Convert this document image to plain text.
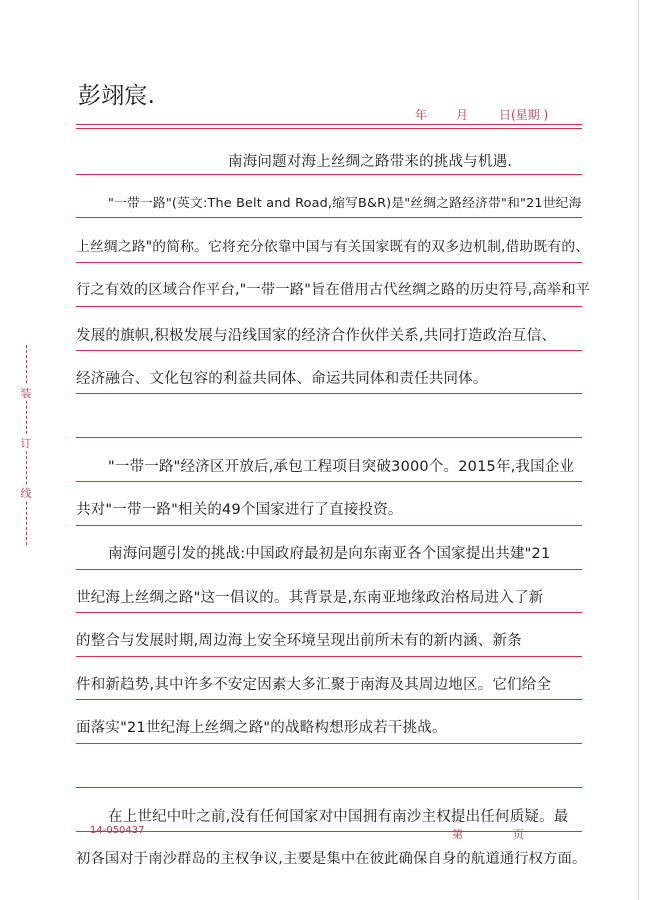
装
订
线
彭翊宸.
年 月	日(星期 )
南海问题对海上丝绸之路带来的挑战与机遇.
"一带一路"(英文:The Belt and Road,缩写B&R)是"丝绸之路经济带"和"21世纪海
上丝绸之路"的简称。它将充分依靠中国与有关国家既有的双多边机制,借助既有的、
行之有效的区域合作平台,"一带一路"旨在借用古代丝绸之路的历史符号,高举和平
发展的旗帜,积极发展与沿线国家的经济合作伙伴关系,共同打造政治互信、
经济融合、文化包容的利益共同体、命运共同体和责任共同体。
"一带一路"经济区开放后,承包工程项目突破3000个。2015年,我国企业
共对"一带一路"相关的49个国家进行了直接投资。
南海问题引发的挑战:中国政府最初是向东南亚各个国家提出共建"21
世纪海上丝绸之路"这一倡议的。其背景是,东南亚地缘政治格局进入了新
的整合与发展时期,周边海上安全环境呈现出前所未有的新内涵、新条
件和新趋势,其中许多不安定因素大多汇聚于南海及其周边地区。它们给全
面落实"21世纪海上丝绸之路"的战略构想形成若干挑战。
在上世纪中叶之前,没有任何国家对中国拥有南沙主权提出任何质疑。最
初各国对于南沙群岛的主权争议,主要是集中在彼此确保自身的航道通行权方面。
14-050437	第	页
